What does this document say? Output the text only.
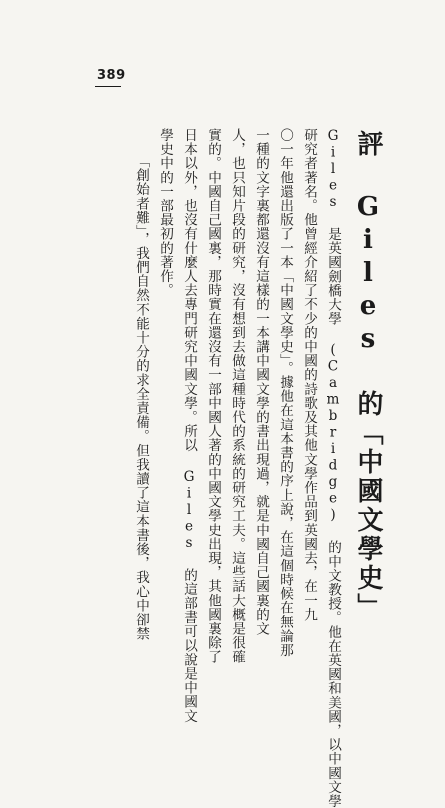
389
評 Giles 的「中國文學史」
Giles 是英國劍橋大學 (Cambridge) 的中文教授。他在英國和美國，以中國文學
研究者著名。他曾經介紹了不少的中國的詩歌及其他文學作品到英國去，在一九
〇一年他還出版了一本「中國文學史」。據他在這本書的序上說，在這個時候在無論那
一種的文字裏都還沒有這樣的一本講中國文學的書出現過，就是中國自己國裏的文
人，也只知片段的研究，沒有想到去做這種時代的系統的研究工夫。這些話大概是很確
實的。中國自己國裏，那時實在還沒有一部中國人著的中國文學史出現，其他國裏除了
日本以外，也沒有什麼人去專門研究中國文學。所以 Giles 的這部書可以說是中國文
學史中的一部最初的著作。
「創始者難」，我們自然不能十分的求全責備。但我讀了這本書後，我心中卻禁
